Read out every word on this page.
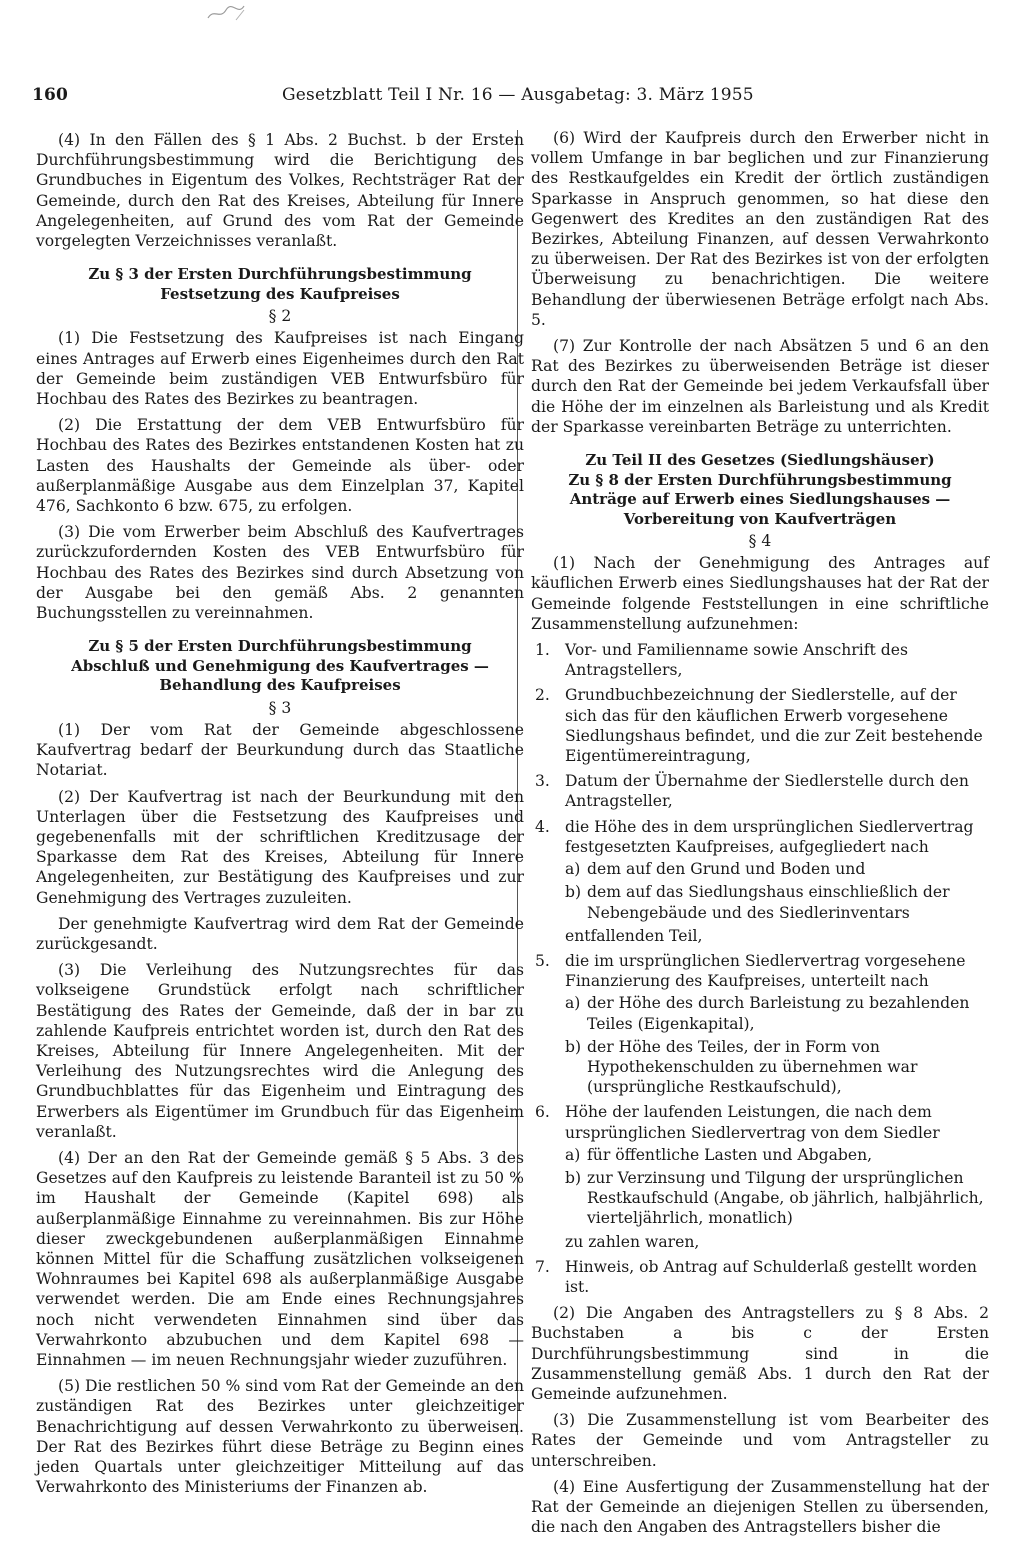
160	Gesetzblatt Teil I Nr. 16 — Ausgabetag: 3. März 1955

(4) In den Fällen des § 1 Abs. 2 Buchst. b der Ersten Durchführungsbestimmung wird die Berichtigung des Grundbuches in Eigentum des Volkes, Rechtsträger Rat der Gemeinde, durch den Rat des Kreises, Abteilung für Innere Angelegenheiten, auf Grund des vom Rat der Gemeinde vorgelegten Verzeichnisses veranlaßt.

Zu § 3 der Ersten Durchführungsbestimmung
Festsetzung des Kaufpreises
§ 2

(1) Die Festsetzung des Kaufpreises ist nach Eingang eines Antrages auf Erwerb eines Eigenheimes durch den Rat der Gemeinde beim zuständigen VEB Entwurfsbüro für Hochbau des Rates des Bezirkes zu beantragen.

(2) Die Erstattung der dem VEB Entwurfsbüro für Hochbau des Rates des Bezirkes entstandenen Kosten hat zu Lasten des Haushalts der Gemeinde als über- oder außerplanmäßige Ausgabe aus dem Einzelplan 37, Kapitel 476, Sachkonto 6 bzw. 675, zu erfolgen.

(3) Die vom Erwerber beim Abschluß des Kaufvertrages zurückzufordernden Kosten des VEB Entwurfsbüro für Hochbau des Rates des Bezirkes sind durch Absetzung von der Ausgabe bei den gemäß Abs. 2 genannten Buchungsstellen zu vereinnahmen.

Zu § 5 der Ersten Durchführungsbestimmung
Abschluß und Genehmigung des Kaufvertrages —
Behandlung des Kaufpreises
§ 3

(1) Der vom Rat der Gemeinde abgeschlossene Kaufvertrag bedarf der Beurkundung durch das Staatliche Notariat.

(2) Der Kaufvertrag ist nach der Beurkundung mit den Unterlagen über die Festsetzung des Kaufpreises und gegebenenfalls mit der schriftlichen Kreditzusage der Sparkasse dem Rat des Kreises, Abteilung für Innere Angelegenheiten, zur Bestätigung des Kaufpreises und zur Genehmigung des Vertrages zuzuleiten.

Der genehmigte Kaufvertrag wird dem Rat der Gemeinde zurückgesandt.

(3) Die Verleihung des Nutzungsrechtes für das volkseigene Grundstück erfolgt nach schriftlicher Bestätigung des Rates der Gemeinde, daß der in bar zu zahlende Kaufpreis entrichtet worden ist, durch den Rat des Kreises, Abteilung für Innere Angelegenheiten. Mit der Verleihung des Nutzungsrechtes wird die Anlegung des Grundbuchblattes für das Eigenheim und Eintragung des Erwerbers als Eigentümer im Grundbuch für das Eigenheim veranlaßt.

(4) Der an den Rat der Gemeinde gemäß § 5 Abs. 3 des Gesetzes auf den Kaufpreis zu leistende Baranteil ist zu 50 % im Haushalt der Gemeinde (Kapitel 698) als außerplanmäßige Einnahme zu vereinnahmen. Bis zur Höhe dieser zweckgebundenen außerplanmäßigen Einnahme können Mittel für die Schaffung zusätzlichen volkseigenen Wohnraumes bei Kapitel 698 als außerplanmäßige Ausgabe verwendet werden. Die am Ende eines Rechnungsjahres noch nicht verwendeten Einnahmen sind über das Verwahrkonto abzubuchen und dem Kapitel 698 — Einnahmen — im neuen Rechnungsjahr wieder zuzuführen.

(5) Die restlichen 50 % sind vom Rat der Gemeinde an den zuständigen Rat des Bezirkes unter gleichzeitiger Benachrichtigung auf dessen Verwahrkonto zu überweisen. Der Rat des Bezirkes führt diese Beträge zu Beginn eines jeden Quartals unter gleichzeitiger Mitteilung auf das Verwahrkonto des Ministeriums der Finanzen ab.

(6) Wird der Kaufpreis durch den Erwerber nicht in vollem Umfange in bar beglichen und zur Finanzierung des Restkaufgeldes ein Kredit der örtlich zuständigen Sparkasse in Anspruch genommen, so hat diese den Gegenwert des Kredites an den zuständigen Rat des Bezirkes, Abteilung Finanzen, auf dessen Verwahrkonto zu überweisen. Der Rat des Bezirkes ist von der erfolgten Überweisung zu benachrichtigen. Die weitere Behandlung der überwiesenen Beträge erfolgt nach Abs. 5.

(7) Zur Kontrolle der nach Absätzen 5 und 6 an den Rat des Bezirkes zu überweisenden Beträge ist dieser durch den Rat der Gemeinde bei jedem Verkaufsfall über die Höhe der im einzelnen als Barleistung und als Kredit der Sparkasse vereinbarten Beträge zu unterrichten.

Zu Teil II des Gesetzes (Siedlungshäuser)
Zu § 8 der Ersten Durchführungsbestimmung
Anträge auf Erwerb eines Siedlungshauses —
Vorbereitung von Kaufverträgen
§ 4

(1) Nach der Genehmigung des Antrages auf käuflichen Erwerb eines Siedlungshauses hat der Rat der Gemeinde folgende Feststellungen in eine schriftliche Zusammenstellung aufzunehmen:

1. Vor- und Familienname sowie Anschrift des Antragstellers,
2. Grundbuchbezeichnung der Siedlerstelle, auf der sich das für den käuflichen Erwerb vorgesehene Siedlungshaus befindet, und die zur Zeit bestehende Eigentümereintragung,
3. Datum der Übernahme der Siedlerstelle durch den Antragsteller,
4. die Höhe des in dem ursprünglichen Siedlervertrag festgesetzten Kaufpreises, aufgegliedert nach
a) dem auf den Grund und Boden und
b) dem auf das Siedlungshaus einschließlich der Nebengebäude und des Siedlerinventars
entfallenden Teil,
5. die im ursprünglichen Siedlervertrag vorgesehene Finanzierung des Kaufpreises, unterteilt nach
a) der Höhe des durch Barleistung zu bezahlenden Teiles (Eigenkapital),
b) der Höhe des Teiles, der in Form von Hypothekenschulden zu übernehmen war (ursprüngliche Restkaufschuld),
6. Höhe der laufenden Leistungen, die nach dem ursprünglichen Siedlervertrag von dem Siedler
a) für öffentliche Lasten und Abgaben,
b) zur Verzinsung und Tilgung der ursprünglichen Restkaufschuld (Angabe, ob jährlich, halbjährlich, vierteljährlich, monatlich)
zu zahlen waren,
7. Hinweis, ob Antrag auf Schulderlaß gestellt worden ist.

(2) Die Angaben des Antragstellers zu § 8 Abs. 2 Buchstaben a bis c der Ersten Durchführungsbestimmung sind in die Zusammenstellung gemäß Abs. 1 durch den Rat der Gemeinde aufzunehmen.

(3) Die Zusammenstellung ist vom Bearbeiter des Rates der Gemeinde und vom Antragsteller zu unterschreiben.

(4) Eine Ausfertigung der Zusammenstellung hat der Rat der Gemeinde an diejenigen Stellen zu übersenden, die nach den Angaben des Antragstellers bisher die
